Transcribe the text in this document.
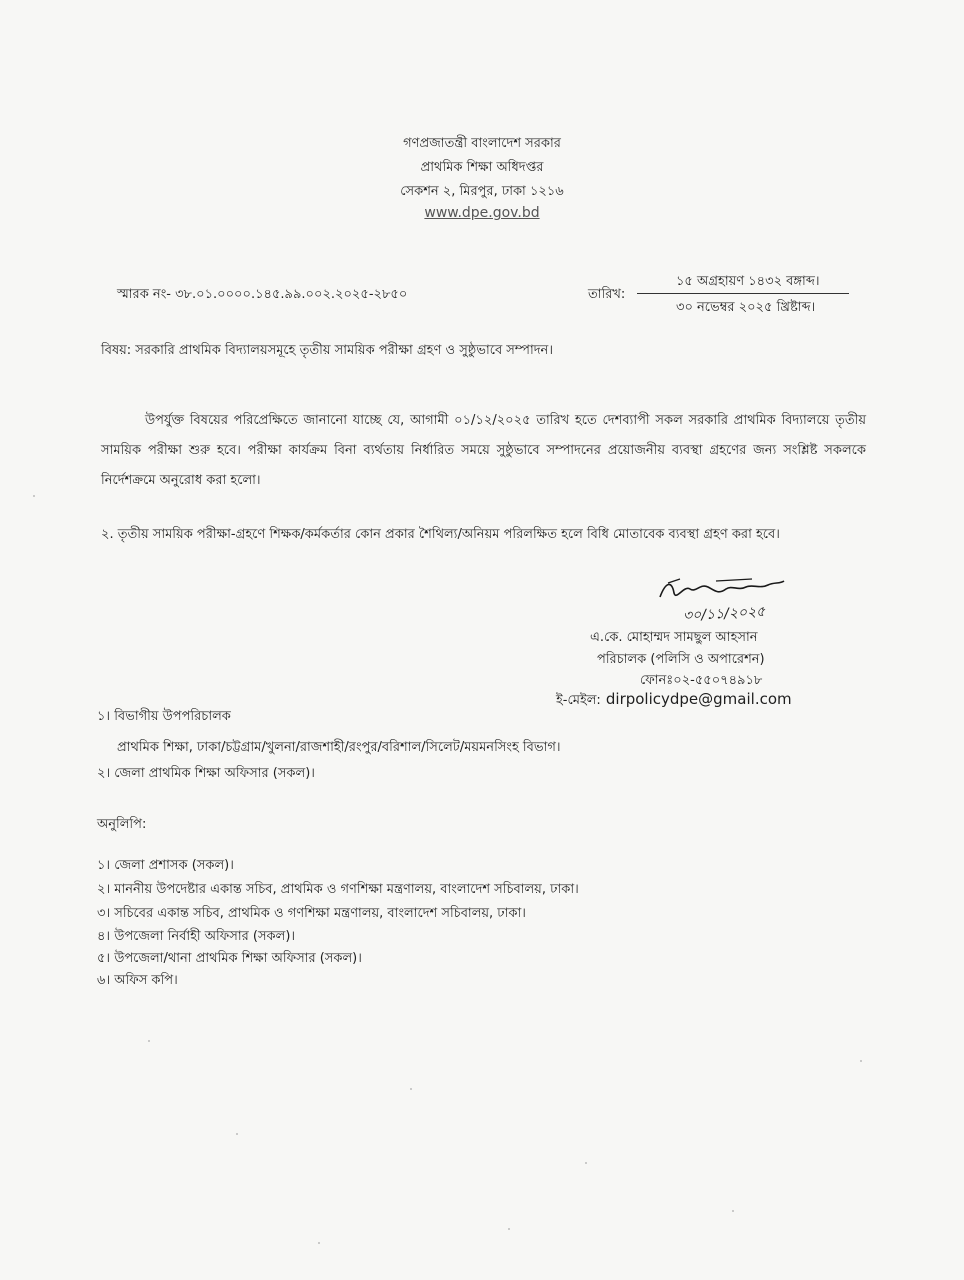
গণপ্রজাতন্ত্রী বাংলাদেশ সরকার
প্রাথমিক শিক্ষা অধিদপ্তর
সেকশন ২, মিরপুর, ঢাকা ১২১৬
www.dpe.gov.bd
স্মারক নং- ৩৮.০১.০০০০.১৪৫.৯৯.০০২.২০২৫-২৮৫০	তারিখ:
১৫ অগ্রহায়ণ ১৪৩২ বঙ্গাব্দ।
৩০ নভেম্বর ২০২৫ খ্রিষ্টাব্দ।
বিষয়: সরকারি প্রাথমিক বিদ্যালয়সমূহে তৃতীয় সাময়িক পরীক্ষা গ্রহণ ও সুষ্ঠুভাবে সম্পাদন।
উপর্যুক্ত বিষয়ের পরিপ্রেক্ষিতে জানানো যাচ্ছে যে, আগামী ০১/১২/২০২৫ তারিখ হতে দেশব্যাপী সকল সরকারি প্রাথমিক বিদ্যালয়ে তৃতীয় সাময়িক পরীক্ষা শুরু হবে। পরীক্ষা কার্যক্রম বিনা ব্যর্থতায় নির্ধারিত সময়ে সুষ্ঠুভাবে সম্পাদনের প্রয়োজনীয় ব্যবস্থা গ্রহণের জন্য সংশ্লিষ্ট সকলকে নির্দেশক্রমে অনুরোধ করা হলো।
২. তৃতীয় সাময়িক পরীক্ষা-গ্রহণে শিক্ষক/কর্মকর্তার কোন প্রকার শৈথিল্য/অনিয়ম পরিলক্ষিত হলে বিধি মোতাবেক ব্যবস্থা গ্রহণ করা হবে।
৩০/১১/২০২৫
এ.কে. মোহাম্মদ সামছুল আহসান
পরিচালক (পলিসি ও অপারেশন)
ফোনঃ০২-৫৫০৭৪৯১৮
ই-মেইল: dirpolicydpe@gmail.com
১। বিভাগীয় উপপরিচালক
প্রাথমিক শিক্ষা, ঢাকা/চট্টগ্রাম/খুলনা/রাজশাহী/রংপুর/বরিশাল/সিলেট/ময়মনসিংহ বিভাগ।
২। জেলা প্রাথমিক শিক্ষা অফিসার (সকল)।
অনুলিপি:
১। জেলা প্রশাসক (সকল)।
২। মাননীয় উপদেষ্টার একান্ত সচিব, প্রাথমিক ও গণশিক্ষা মন্ত্রণালয়, বাংলাদেশ সচিবালয়, ঢাকা।
৩। সচিবের একান্ত সচিব, প্রাথমিক ও গণশিক্ষা মন্ত্রণালয়, বাংলাদেশ সচিবালয়, ঢাকা।
৪। উপজেলা নির্বাহী অফিসার (সকল)।
৫। উপজেলা/থানা প্রাথমিক শিক্ষা অফিসার (সকল)।
৬। অফিস কপি।
